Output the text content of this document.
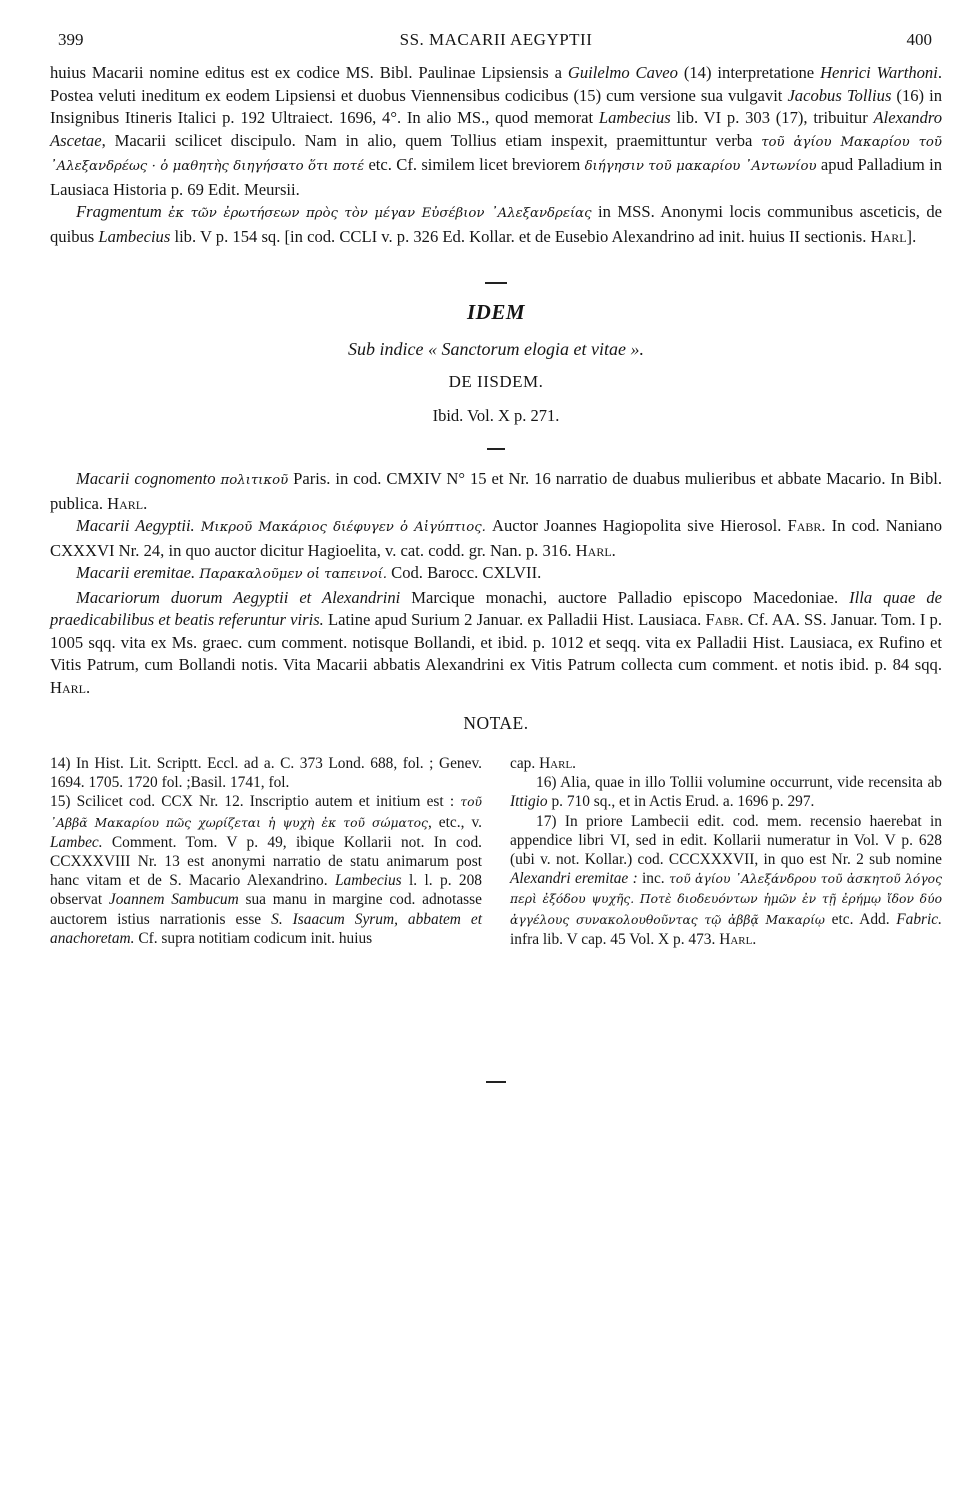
399	SS. MACARII AEGYPTII	400

huius Macarii nomine editus est ex codice MS. Bibl. Paulinae Lipsiensis a Guilelmo Caveo (14) interpretatione Henrici Warthoni. Postea veluti ineditum ex eodem Lipsiensi et duobus Viennensibus codicibus (15) cum versione sua vulgavit Jacobus Tollius (16) in Insignibus Itineris Italici p. 192 Ultraiect. 1696, 4°. In alio MS., quod memorat Lambecius lib. VI p. 303 (17), tribuitur Alexandro Ascetae, Macarii scilicet discipulo. Nam in alio, quem Tollius etiam inspexit, praemittuntur verba τοῦ ἁγίου Μακαρίου τοῦ ᾿Αλεξανδρέως · ὁ μαθητὴς διηγήσατο ὅτι ποτέ etc. Cf. similem licet breviorem διήγησιν τοῦ μακαρίου ᾿Αντωνίου apud Palladium in Lausiaca Historia p. 69 Edit. Meursii.

Fragmentum ἐκ τῶν ἐρωτήσεων πρὸς τὸν μέγαν Εὐσέβιον ᾿Αλεξανδρείας in MSS. Anonymi locis communibus asceticis, de quibus Lambecius lib. V p. 154 sq. [in cod. CCLI v. p. 326 Ed. Kollar. et de Eusebio Alexandrino ad init. huius II sectionis. Harl].

IDEM
Sub indice « Sanctorum elogia et vitae ».
DE IISDEM.
Ibid. Vol. X p. 271.

Macarii cognomento πολιτικοῦ Paris. in cod. CMXIV N° 15 et Nr. 16 narratio de duabus mulieribus et abbate Macario. In Bibl. publica. Harl.

Macarii Aegyptii. Μικροῦ Μακάριος διέφυγεν ὁ Αἰγύπτιος. Auctor Joannes Hagiopolita sive Hierosol. Fabr. In cod. Naniano CXXXVI Nr. 24, in quo auctor dicitur Hagioelita, v. cat. codd. gr. Nan. p. 316. Harl.

Macarii eremitae. Παρακαλοῦμεν οἱ ταπεινοί. Cod. Barocc. CXLVII.

Macariorum duorum Aegyptii et Alexandrini Marcique monachi, auctore Palladio episcopo Macedoniae. Illa quae de praedicabilibus et beatis referuntur viris. Latine apud Surium 2 Januar. ex Palladii Hist. Lausiaca. Fabr. Cf. AA. SS. Januar. Tom. I p. 1005 sqq. vita ex Ms. graec. cum comment. notisque Bollandi, et ibid. p. 1012 et seqq. vita ex Palladii Hist. Lausiaca, ex Rufino et Vitis Patrum, cum Bollandi notis. Vita Macarii abbatis Alexandrini ex Vitis Patrum collecta cum comment. et notis ibid. p. 84 sqq. Harl.

NOTAE.

14) In Hist. Lit. Scriptt. Eccl. ad a. C. 373 Lond. 688, fol. ; Genev. 1694. 1705. 1720 fol. ;Basil. 1741, fol.

15) Scilicet cod. CCX Nr. 12. Inscriptio autem et initium est : τοῦ ᾿Αββᾶ Μακαρίου πῶς χωρίζεται ἡ ψυχὴ ἐκ τοῦ σώματος, etc., v. Lambec. Comment. Tom. V p. 49, ibique Kollarii not. In cod. CCXXXVIII Nr. 13 est anonymi narratio de statu animarum post hanc vitam et de S. Macario Alexandrino. Lambecius l. l. p. 208 observat Joannem Sambucum sua manu in margine cod. adnotasse auctorem istius narrationis esse S. Isaacum Syrum, abbatem et anachoretam. Cf. supra notitiam codicum init. huius

cap. Harl.

16) Alia, quae in illo Tollii volumine occurrunt, vide recensita ab Ittigio p. 710 sq., et in Actis Erud. a. 1696 p. 297.

17) In priore Lambecii edit. cod. mem. recensio haerebat in appendice libri VI, sed in edit. Kollarii numeratur in Vol. V p. 628 (ubi v. not. Kollar.) cod. CCCXXXVII, in quo est Nr. 2 sub nomine Alexandri eremitae : inc. τοῦ ἁγίου ᾿Αλεξάνδρου τοῦ ἀσκητοῦ λόγος περὶ ἐξόδου ψυχῆς. Ποτὲ διοδευόντων ἡμῶν ἐν τῇ ἐρήμῳ ἴδον δύο ἀγγέλους συνακολουθοῦντας τῷ ἀββᾷ Μακαρίῳ etc. Add. Fabric. infra lib. V cap. 45 Vol. X p. 473. Harl.
